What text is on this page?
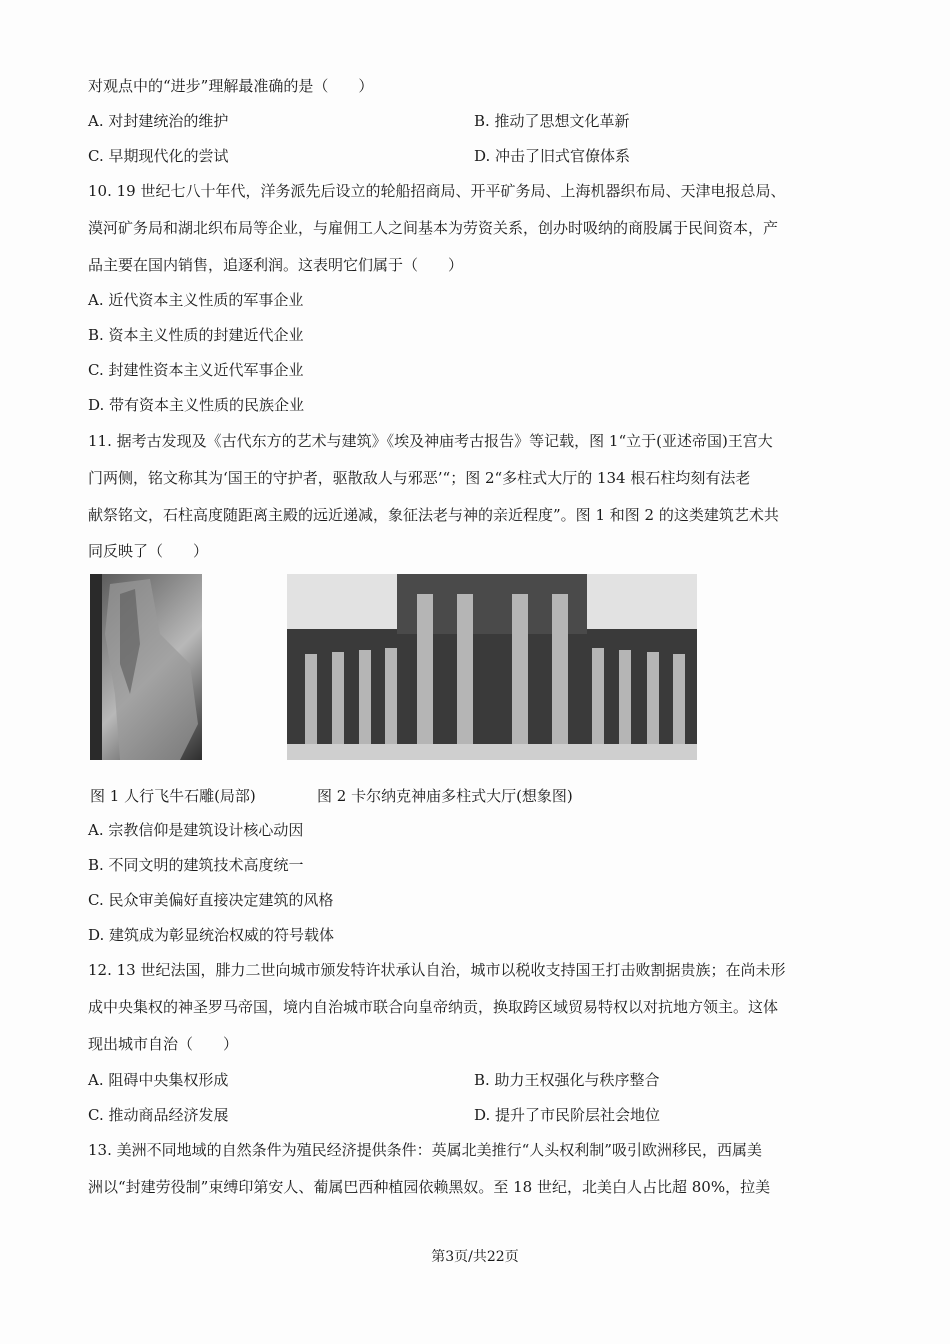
对观点中的“进步”理解最准确的是（　　）
A. 对封建统治的维护	B. 推动了思想文化革新
C. 早期现代化的尝试	D. 冲击了旧式官僚体系
10. 19 世纪七八十年代，洋务派先后设立的轮船招商局、开平矿务局、上海机器织布局、天津电报总局、
漠河矿务局和湖北织布局等企业，与雇佣工人之间基本为劳资关系，创办时吸纳的商股属于民间资本，产
品主要在国内销售，追逐利润。这表明它们属于（　　）
A. 近代资本主义性质的军事企业
B. 资本主义性质的封建近代企业
C. 封建性资本主义近代军事企业
D. 带有资本主义性质的民族企业
11. 据考古发现及《古代东方的艺术与建筑》《埃及神庙考古报告》等记载，图 1“立于(亚述帝国)王宫大
门两侧，铭文称其为‘国王的守护者，驱散敌人与邪恶’“；图 2“多柱式大厅的 134 根石柱均刻有法老
献祭铭文，石柱高度随距离主殿的远近递减，象征法老与神的亲近程度”。图 1 和图 2 的这类建筑艺术共
同反映了（　　）
图 1 人行飞牛石雕(局部)	图 2 卡尔纳克神庙多柱式大厅(想象图)
A. 宗教信仰是建筑设计核心动因
B. 不同文明的建筑技术高度统一
C. 民众审美偏好直接决定建筑的风格
D. 建筑成为彰显统治权威的符号载体
12. 13 世纪法国，腓力二世向城市颁发特许状承认自治，城市以税收支持国王打击败割据贵族；在尚未形
成中央集权的神圣罗马帝国，境内自治城市联合向皇帝纳贡，换取跨区域贸易特权以对抗地方领主。这体
现出城市自治（　　）
A. 阻碍中央集权形成	B. 助力王权强化与秩序整合
C. 推动商品经济发展	D. 提升了市民阶层社会地位
13. 美洲不同地域的自然条件为殖民经济提供条件：英属北美推行“人头权利制”吸引欧洲移民，西属美
洲以“封建劳役制”束缚印第安人、葡属巴西种植园依赖黑奴。至 18 世纪，北美白人占比超 80%，拉美
第3页/共22页
